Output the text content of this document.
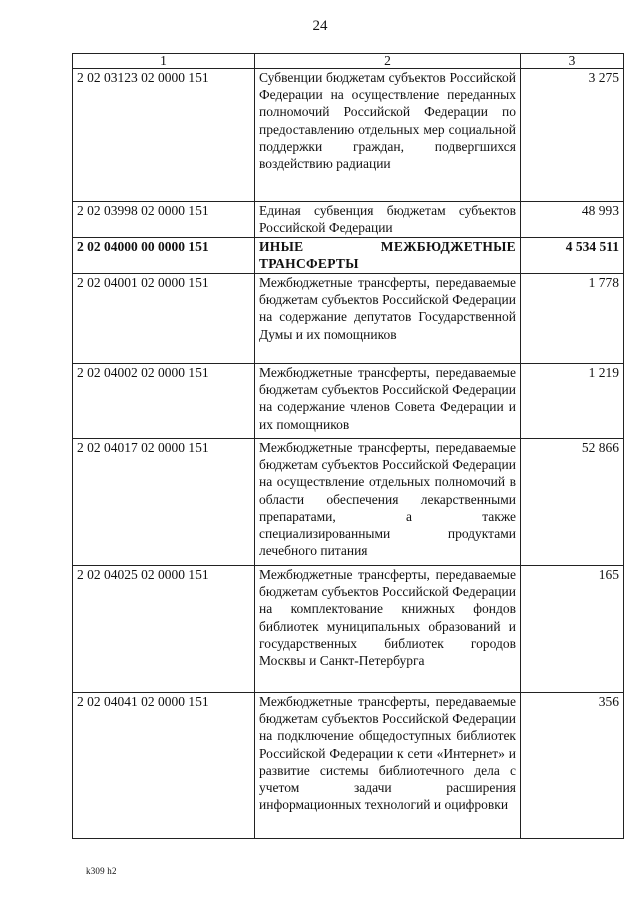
24
1	2	3
2 02 03123 02 0000 151	Субвенции бюджетам субъектов Российской Федерации на осуществление переданных полномочий Российской Федерации по предоставлению отдельных мер социальной поддержки граждан, подвергшихся воздействию радиации	3 275
2 02 03998 02 0000 151	Единая субвенция бюджетам субъектов Российской Федерации	48 993
2 02 04000 00 0000 151	ИНЫЕ МЕЖБЮДЖЕТНЫЕ ТРАНСФЕРТЫ	4 534 511
2 02 04001 02 0000 151	Межбюджетные трансферты, передаваемые бюджетам субъектов Российской Федерации на содержание депутатов Государственной Думы и их помощников	1 778
2 02 04002 02 0000 151	Межбюджетные трансферты, передаваемые бюджетам субъектов Российской Федерации на содержание членов Совета Федерации и их помощников	1 219
2 02 04017 02 0000 151	Межбюджетные трансферты, передаваемые бюджетам субъектов Российской Федерации на осуществление отдельных полномочий в области обеспечения лекарственными препаратами, а также специализированными продуктами лечебного питания	52 866
2 02 04025 02 0000 151	Межбюджетные трансферты, передаваемые бюджетам субъектов Российской Федерации на комплектование книжных фондов библиотек муниципальных образований и государственных библиотек городов Москвы и Санкт-Петербурга	165
2 02 04041 02 0000 151	Межбюджетные трансферты, передаваемые бюджетам субъектов Российской Федерации на подключение общедоступных библиотек Российской Федерации к сети «Интернет» и развитие системы библиотечного дела с учетом задачи расширения информационных технологий и оцифровки	356
k309 h2
